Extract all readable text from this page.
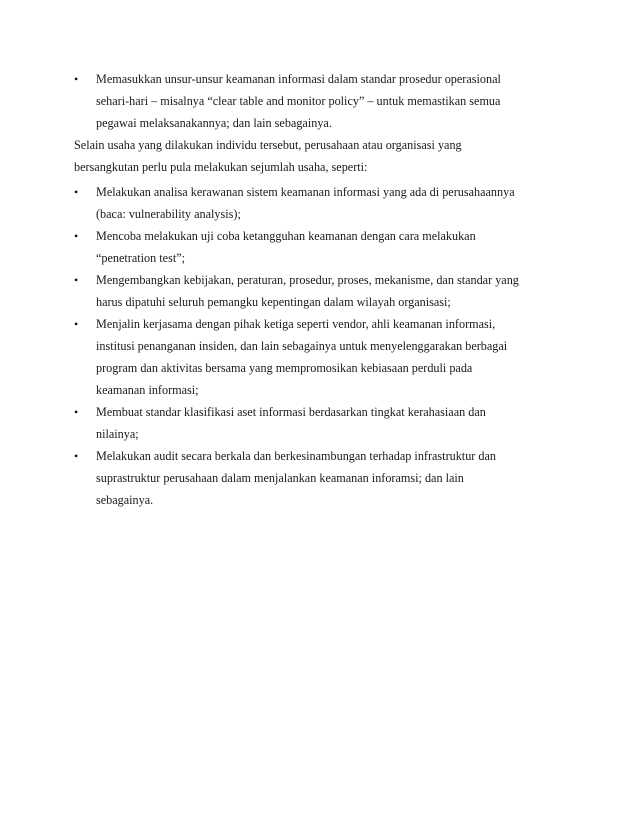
• Memasukkan unsur-unsur keamanan informasi dalam standar prosedur operasional
sehari-hari – misalnya “clear table and monitor policy” – untuk memastikan semua
pegawai melaksanakannya; dan lain sebagainya.
Selain usaha yang dilakukan individu tersebut, perusahaan atau organisasi yang
bersangkutan perlu pula melakukan sejumlah usaha, seperti:
• Melakukan analisa kerawanan sistem keamanan informasi yang ada di perusahaannya
(baca: vulnerability analysis);
• Mencoba melakukan uji coba ketangguhan keamanan dengan cara melakukan
“penetration test”;
• Mengembangkan kebijakan, peraturan, prosedur, proses, mekanisme, dan standar yang
harus dipatuhi seluruh pemangku kepentingan dalam wilayah organisasi;
• Menjalin kerjasama dengan pihak ketiga seperti vendor, ahli keamanan informasi,
institusi penanganan insiden, dan lain sebagainya untuk menyelenggarakan berbagai
program dan aktivitas bersama yang mempromosikan kebiasaan perduli pada
keamanan informasi;
• Membuat standar klasifikasi aset informasi berdasarkan tingkat kerahasiaan dan
nilainya;
• Melakukan audit secara berkala dan berkesinambungan terhadap infrastruktur dan
suprastruktur perusahaan dalam menjalankan keamanan inforamsi; dan lain
sebagainya.
